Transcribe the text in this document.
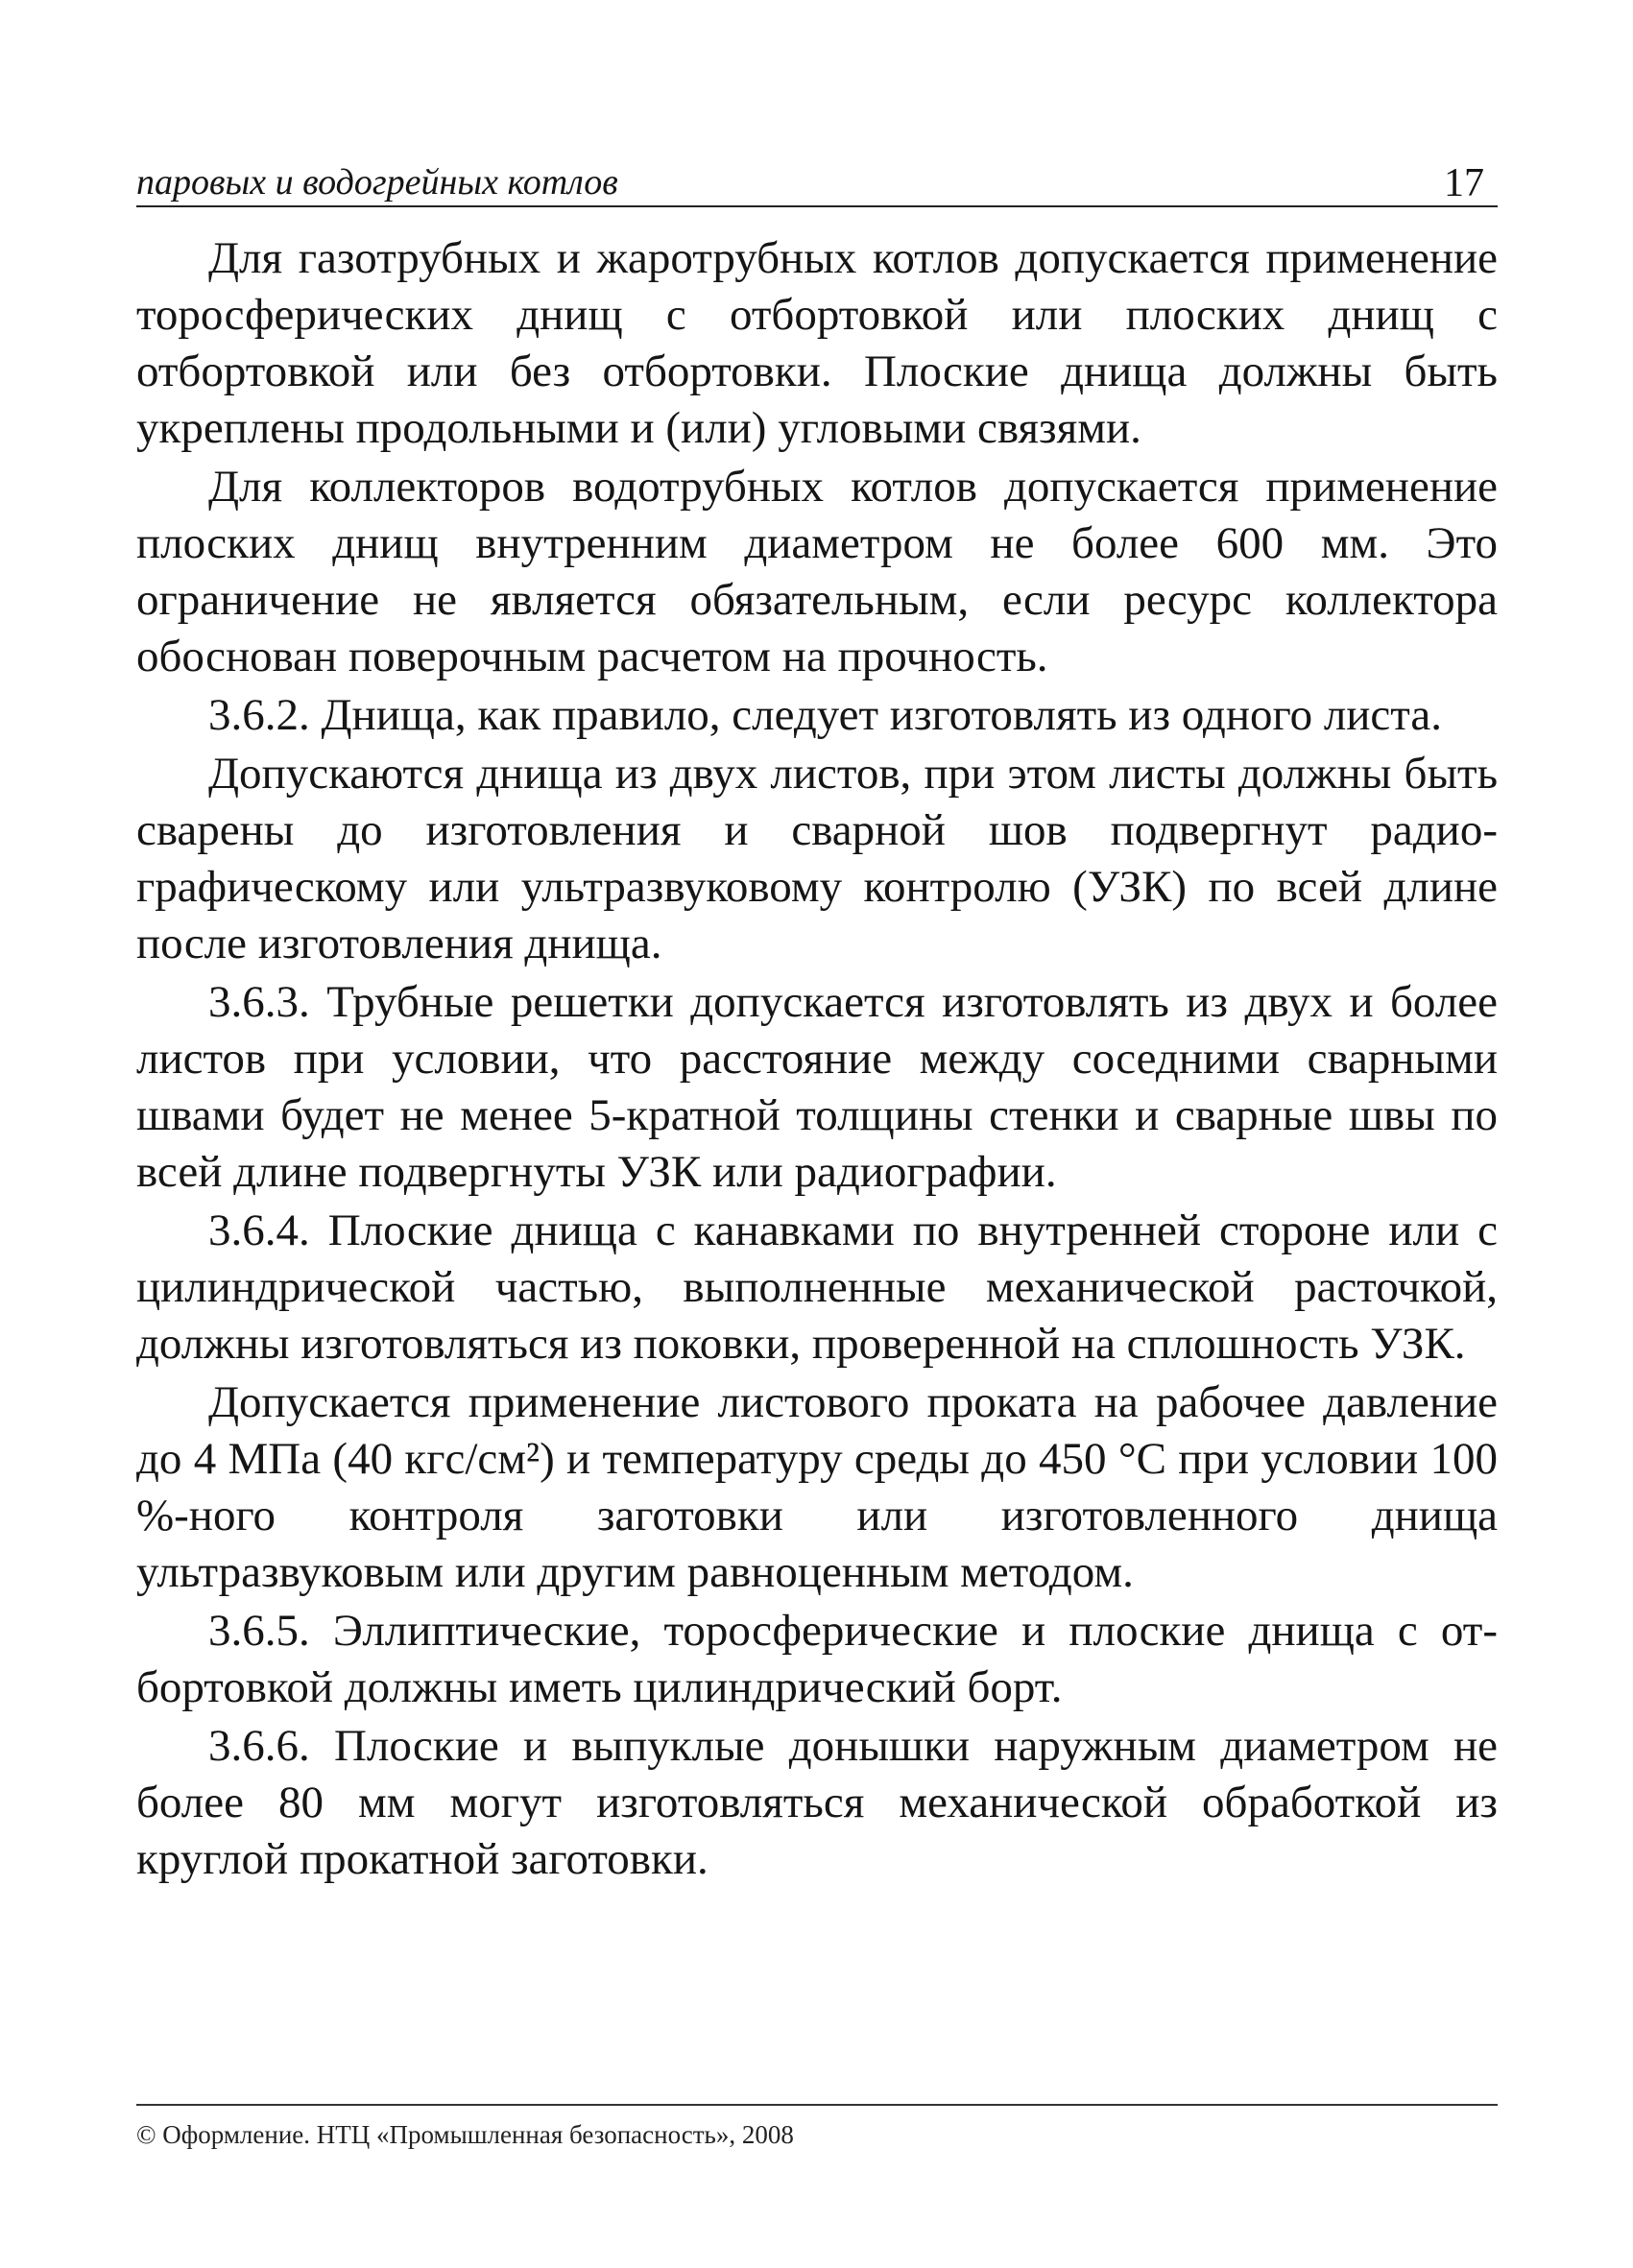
паровых и водогрейных котлов	17

Для газотрубных и жаротрубных котлов допускается применение торосферических днищ с отбортовкой или плоских днищ с отбортовкой или без отбортовки. Плоские днища должны быть укреплены продольными и (или) угловыми связями.

Для коллекторов водотрубных котлов допускается применение плоских днищ внутренним диаметром не более 600 мм. Это ограничение не является обязательным, если ресурс коллектора обоснован поверочным расчетом на прочность.

3.6.2. Днища, как правило, следует изготовлять из одного листа.

Допускаются днища из двух листов, при этом листы должны быть сварены до изготовления и сварной шов подвергнут радиографическому или ультразвуковому контролю (УЗК) по всей длине после изготовления днища.

3.6.3. Трубные решетки допускается изготовлять из двух и более листов при условии, что расстояние между соседними сварными швами будет не менее 5-кратной толщины стенки и сварные швы по всей длине подвергнуты УЗК или радиографии.

3.6.4. Плоские днища с канавками по внутренней стороне или с цилиндрической частью, выполненные механической расточкой, должны изготовляться из поковки, проверенной на сплошность УЗК.

Допускается применение листового проката на рабочее давление до 4 МПа (40 кгс/см²) и температуру среды до 450 °С при условии 100 %-ного контроля заготовки или изготовленного днища ультразвуковым или другим равноценным методом.

3.6.5. Эллиптические, торосферические и плоские днища с отбортовкой должны иметь цилиндрический борт.

3.6.6. Плоские и выпуклые донышки наружным диаметром не более 80 мм могут изготовляться механической обработкой из круглой прокатной заготовки.

© Оформление. НТЦ «Промышленная безопасность», 2008
